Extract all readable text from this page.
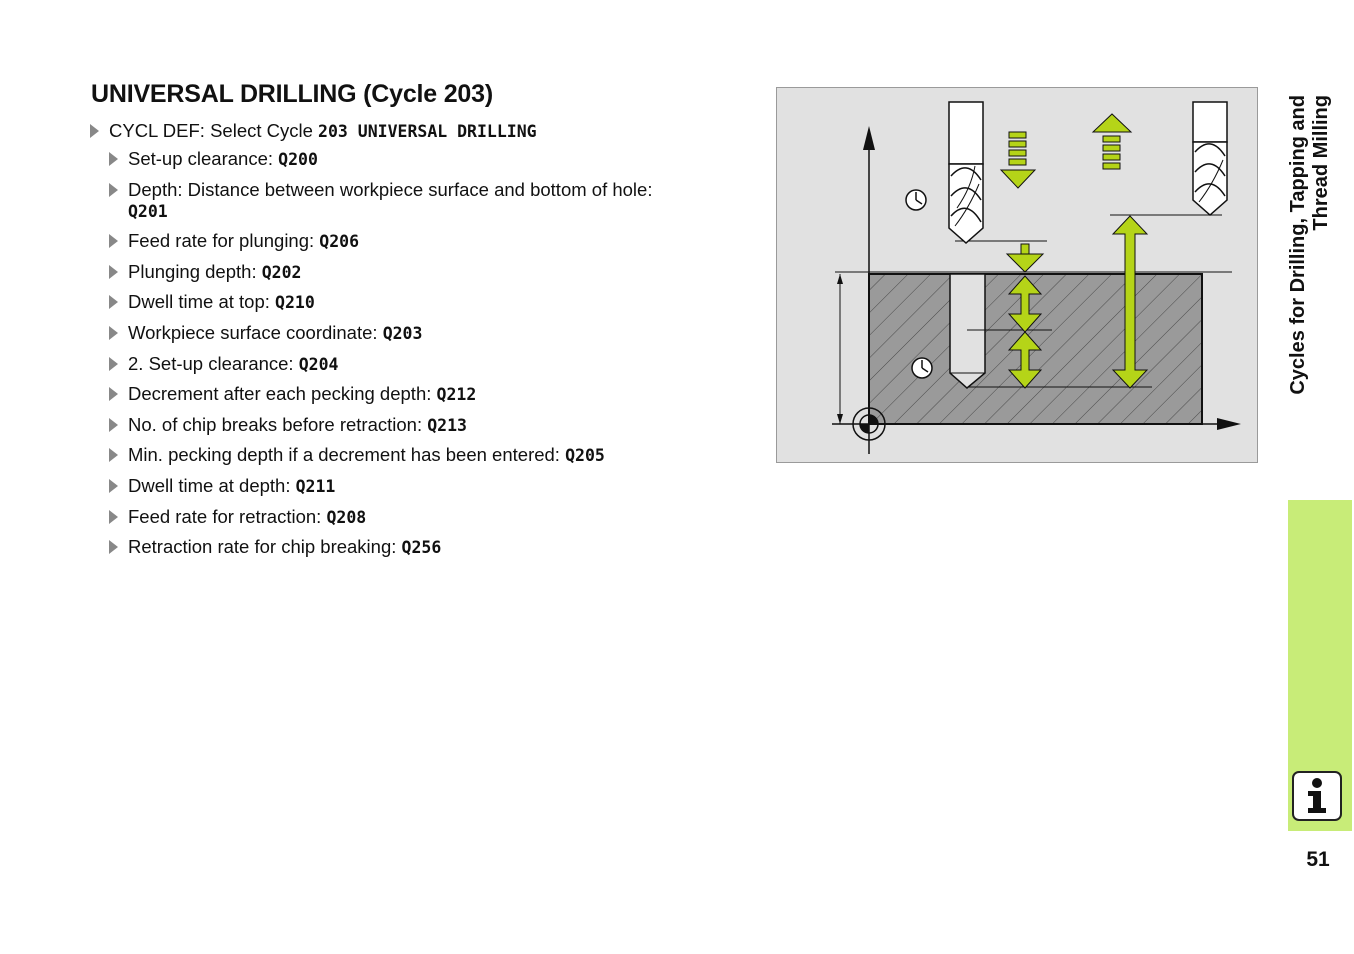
UNIVERSAL DRILLING (Cycle 203)
CYCL DEF: Select Cycle 203 UNIVERSAL DRILLING
Set-up clearance: Q200
Depth: Distance between workpiece surface and bottom of hole:
Q201
Feed rate for plunging: Q206
Plunging depth: Q202
Dwell time at top: Q210
Workpiece surface coordinate: Q203
2. Set-up clearance: Q204
Decrement after each pecking depth: Q212
No. of chip breaks before retraction: Q213
Min. pecking depth if a decrement has been entered: Q205
Dwell time at depth: Q211
Feed rate for retraction: Q208
Retraction rate for chip breaking: Q256
Cycles for Drilling, Tapping and Thread Milling
51
